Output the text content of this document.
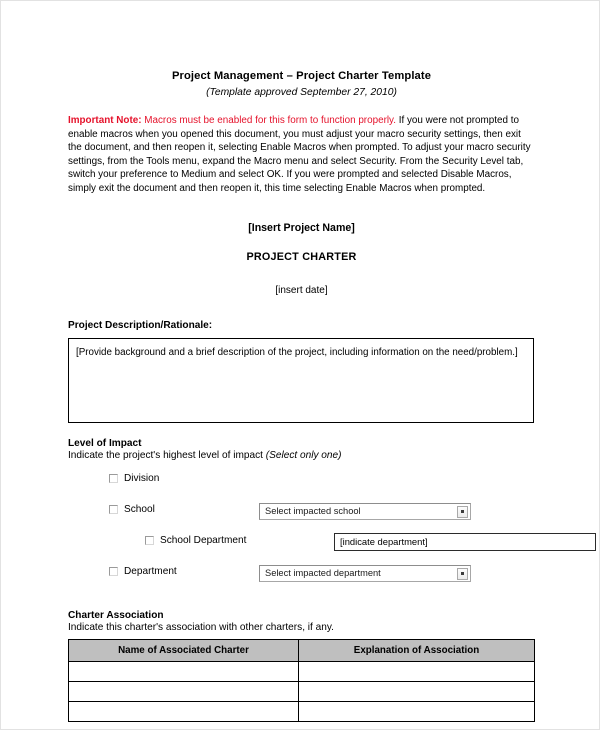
Project Management – Project Charter Template
(Template approved September 27, 2010)
Important Note: Macros must be enabled for this form to function properly. If you were not prompted to enable macros when you opened this document, you must adjust your macro security settings, then exit the document, and then reopen it, selecting Enable Macros when prompted. To adjust your macro security settings, from the Tools menu, expand the Macro menu and select Security. From the Security Level tab, switch your preference to Medium and select OK. If you were prompted and selected Disable Macros, simply exit the document and then reopen it, this time selecting Enable Macros when prompted.
[Insert Project Name]
PROJECT CHARTER
[insert date]
Project Description/Rationale:
[Provide background and a brief description of the project, including information on the need/problem.]
Level of Impact
Indicate the project's highest level of impact (Select only one)
Division
School	Select impacted school
School Department	[indicate department]
Department	Select impacted department
Charter Association
Indicate this charter's association with other charters, if any.
Name of Associated Charter	Explanation of Association
